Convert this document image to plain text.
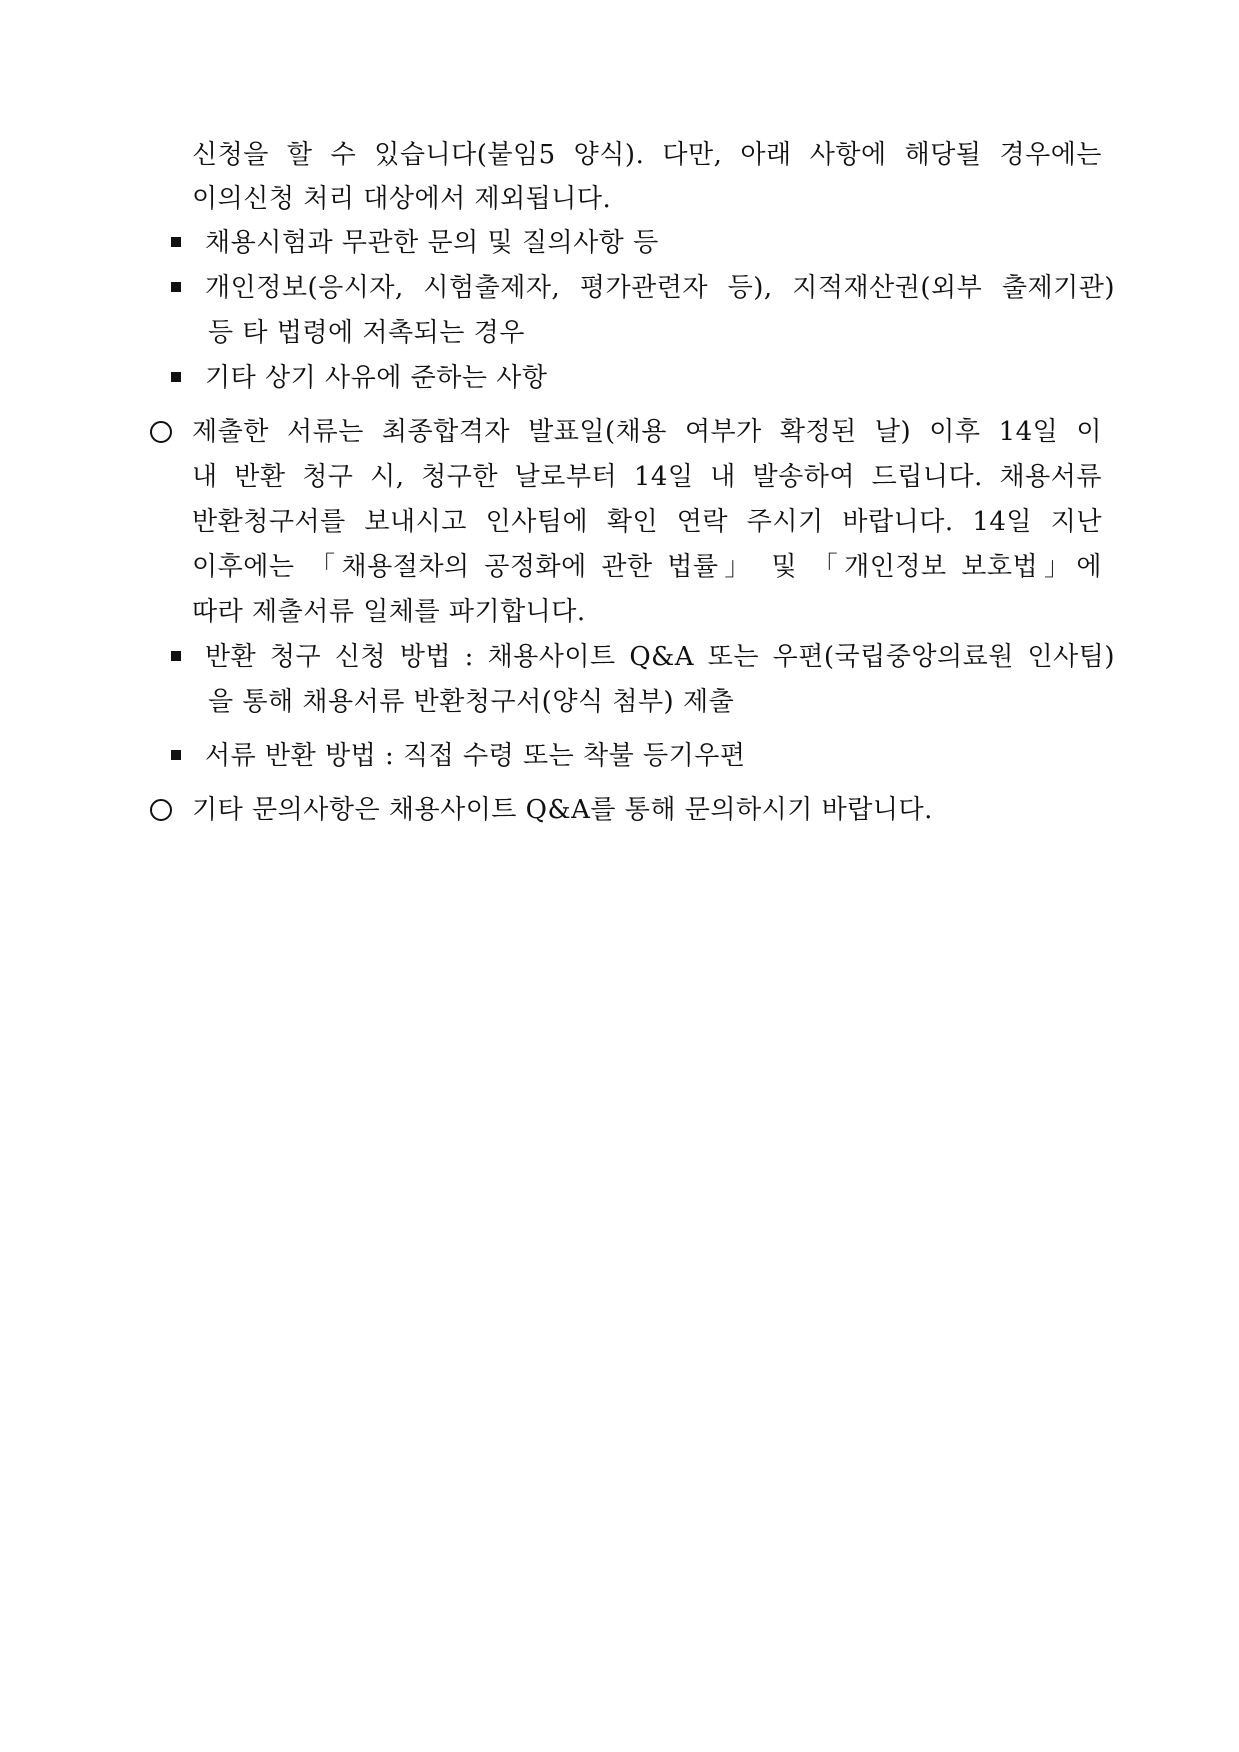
신청을 할 수 있습니다(붙임5 양식). 다만, 아래 사항에 해당될 경우에는
이의신청 처리 대상에서 제외됩니다.
채용시험과 무관한 문의 및 질의사항 등
개인정보(응시자, 시험출제자, 평가관련자 등), 지적재산권(외부 출제기관)
등 타 법령에 저촉되는 경우
기타 상기 사유에 준하는 사항
제출한 서류는 최종합격자 발표일(채용 여부가 확정된 날) 이후 14일 이
내 반환 청구 시, 청구한 날로부터 14일 내 발송하여 드립니다. 채용서류
반환청구서를 보내시고 인사팀에 확인 연락 주시기 바랍니다. 14일 지난
이후에는 「채용절차의 공정화에 관한 법률」 및 「개인정보 보호법」에
따라 제출서류 일체를 파기합니다.
반환 청구 신청 방법 : 채용사이트 Q&A 또는 우편(국립중앙의료원 인사팀)
을 통해 채용서류 반환청구서(양식 첨부) 제출
서류 반환 방법 : 직접 수령 또는 착불 등기우편
기타 문의사항은 채용사이트 Q&A를 통해 문의하시기 바랍니다.
